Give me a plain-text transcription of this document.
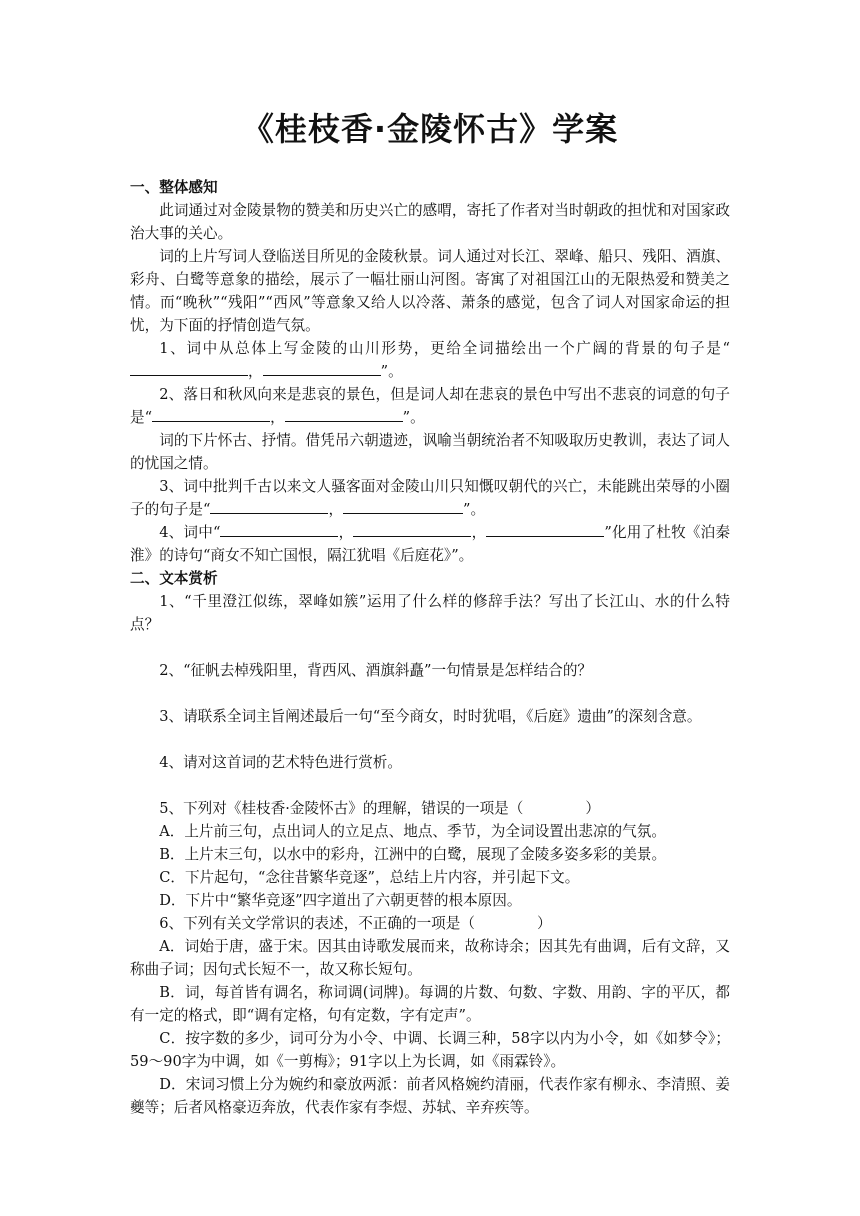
《桂枝香·金陵怀古》学案

一、整体感知

此词通过对金陵景物的赞美和历史兴亡的感喟，寄托了作者对当时朝政的担忧和对国家政治大事的关心。

词的上片写词人登临送目所见的金陵秋景。词人通过对长江、翠峰、船只、残阳、酒旗、彩舟、白鹭等意象的描绘，展示了一幅壮丽山河图。寄寓了对祖国江山的无限热爱和赞美之情。而“晚秋”“残阳”“西风”等意象又给人以冷落、萧条的感觉，包含了词人对国家命运的担忧，为下面的抒情创造气氛。

1、词中从总体上写金陵的山川形势，更给全词描绘出一个广阔的背景的句子是“，	”。

2、落日和秋风向来是悲哀的景色，但是词人却在悲哀的景色中写出不悲哀的词意的句子是“	，	”。

词的下片怀古、抒情。借凭吊六朝遗迹，讽喻当朝统治者不知吸取历史教训，表达了词人的忧国之情。

3、词中批判千古以来文人骚客面对金陵山川只知慨叹朝代的兴亡，未能跳出荣辱的小圈子的句子是“	，	”。

4、词中“	，	，	”化用了杜牧《泊秦淮》的诗句“商女不知亡国恨，隔江犹唱《后庭花》”。

二、文本赏析

1、“千里澄江似练，翠峰如簇”运用了什么样的修辞手法？写出了长江山、水的什么特点？

2、“征帆去棹残阳里，背西风、酒旗斜矗”一句情景是怎样结合的？

3、请联系全词主旨阐述最后一句“至今商女，时时犹唱，《后庭》遗曲”的深刻含意。

4、请对这首词的艺术特色进行赏析。

5、下列对《桂枝香·金陵怀古》的理解，错误的一项是（	）

A．上片前三句，点出词人的立足点、地点、季节，为全词设置出悲凉的气氛。

B．上片末三句，以水中的彩舟，江洲中的白鹭，展现了金陵多姿多彩的美景。

C．下片起句，“念往昔繁华竞逐”，总结上片内容，并引起下文。

D．下片中“繁华竞逐”四字道出了六朝更替的根本原因。

6、下列有关文学常识的表述，不正确的一项是（	）

A．词始于唐，盛于宋。因其由诗歌发展而来，故称诗余；因其先有曲调，后有文辞，又称曲子词；因句式长短不一，故又称长短句。

B．词，每首皆有调名，称词调(词牌)。每调的片数、句数、字数、用韵、字的平仄，都有一定的格式，即“调有定格，句有定数，字有定声”。

C．按字数的多少，词可分为小令、中调、长调三种，58字以内为小令，如《如梦令》；59～90字为中调，如《一剪梅》；91字以上为长调，如《雨霖铃》。

D．宋词习惯上分为婉约和豪放两派：前者风格婉约清丽，代表作家有柳永、李清照、姜夔等；后者风格豪迈奔放，代表作家有李煜、苏轼、辛弃疾等。
